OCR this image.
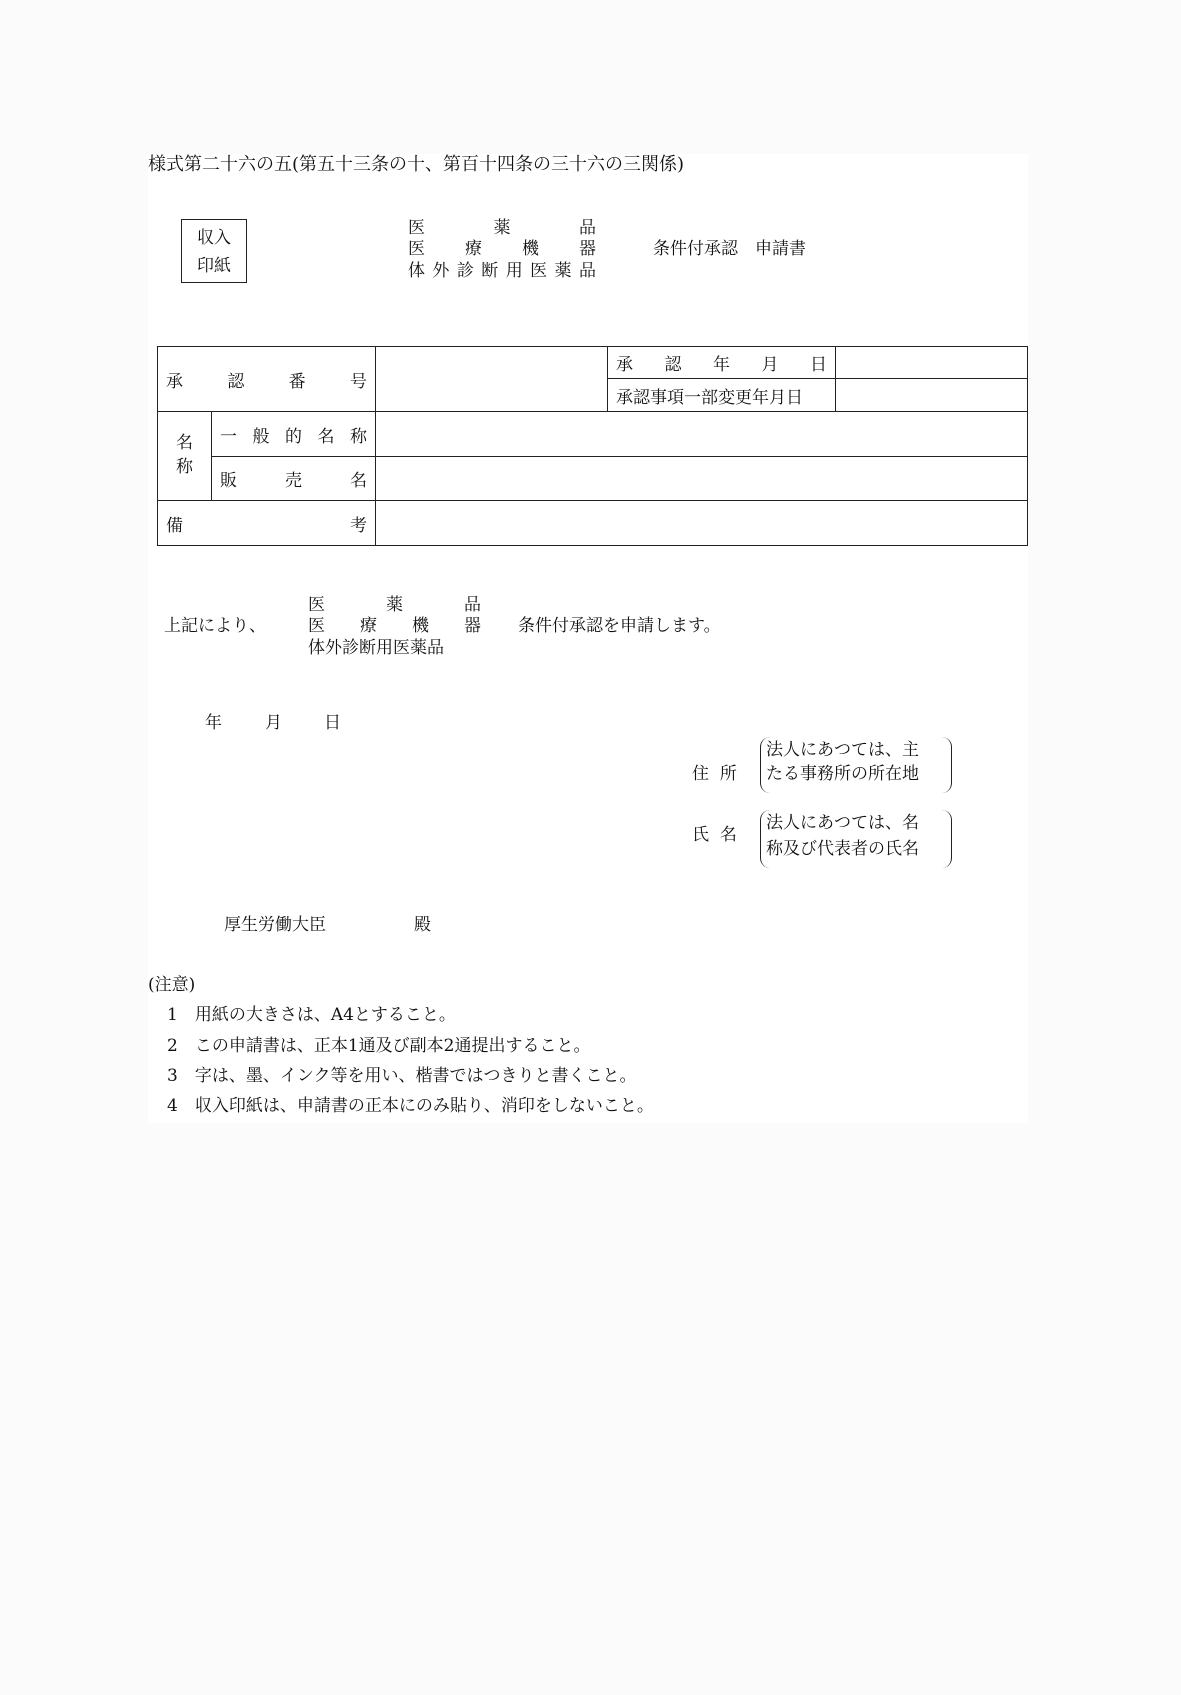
様式第二十六の五(第五十三条の十、第百十四条の三十六の三関係)
収入
印紙
医	薬	品
医 療 機 器
体 外 診 断 用 医 薬 品
条件付承認　申請書
承 認 番 号			承 認 年 月 日	

			承認事項一部変更年月日	
名
称	一 般 的 名 称			

	販 売 名			

備 考				

上記により、
医	薬	品
医 療 機 器
体外診断用医薬品
条件付承認を申請します。
年	月 日
住 所
法人にあつては、主
たる事務所の所在地
氏 名
法人にあつては、名
称及び代表者の氏名
厚生労働大臣	殿
(注意)
1 用紙の大きさは、A4とすること。
2 この申請書は、正本1通及び副本2通提出すること。
3 字は、墨、インク等を用い、楷書ではつきりと書くこと。
4 収入印紙は、申請書の正本にのみ貼り、消印をしないこと。
